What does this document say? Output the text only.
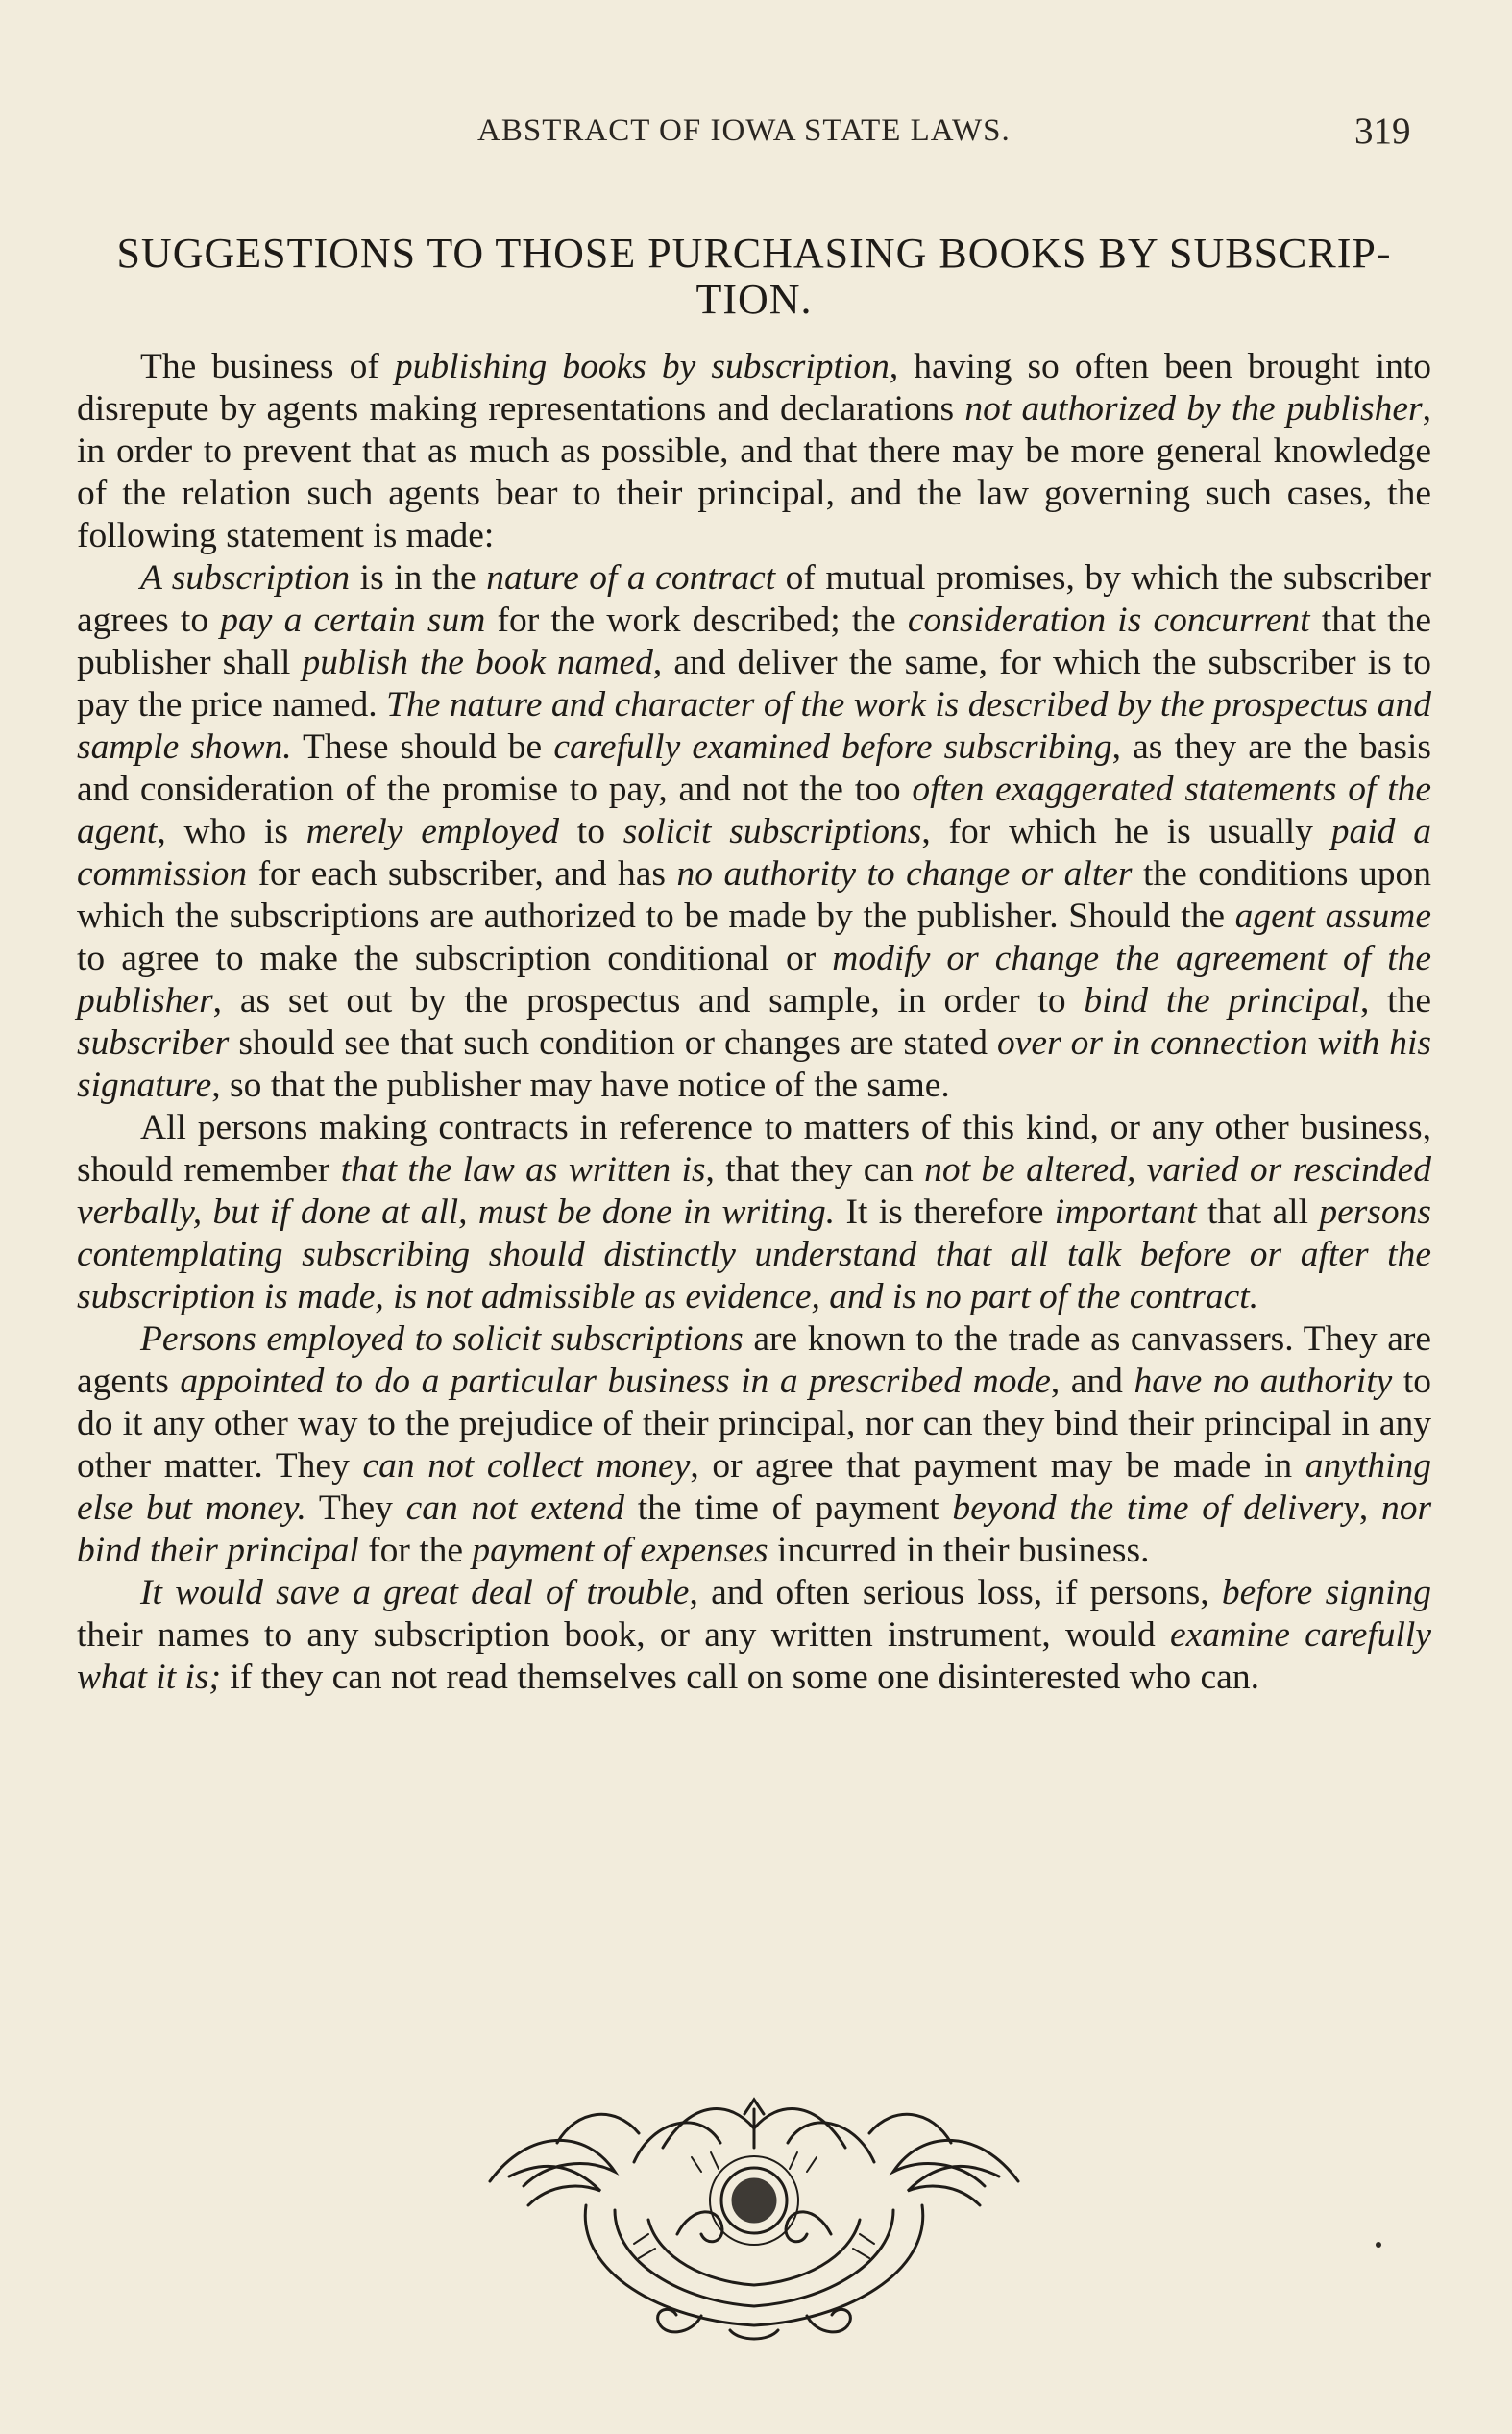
ABSTRACT OF IOWA STATE LAWS.	319
SUGGESTIONS TO THOSE PURCHASING BOOKS BY SUBSCRIP-TION.

The business of publishing books by subscription, having so often been brought into disrepute by agents making representations and declarations not authorized by the publisher, in order to prevent that as much as possible, and that there may be more general knowledge of the relation such agents bear to their principal, and the law governing such cases, the following statement is made:

A subscription is in the nature of a contract of mutual promises, by which the subscriber agrees to pay a certain sum for the work described; the consideration is concurrent that the publisher shall publish the book named, and deliver the same, for which the subscriber is to pay the price named. The nature and character of the work is described by the prospectus and sample shown. These should be carefully examined before subscribing, as they are the basis and consideration of the promise to pay, and not the too often exaggerated statements of the agent, who is merely employed to solicit subscriptions, for which he is usually paid a commission for each subscriber, and has no authority to change or alter the conditions upon which the subscriptions are authorized to be made by the publisher. Should the agent assume to agree to make the subscription conditional or modify or change the agreement of the publisher, as set out by the prospectus and sample, in order to bind the principal, the subscriber should see that such condition or changes are stated over or in connection with his signature, so that the publisher may have notice of the same.

All persons making contracts in reference to matters of this kind, or any other business, should remember that the law as written is, that they can not be altered, varied or rescinded verbally, but if done at all, must be done in writing. It is therefore important that all persons contemplating subscribing should distinctly understand that all talk before or after the subscription is made, is not admissible as evidence, and is no part of the contract.

Persons employed to solicit subscriptions are known to the trade as canvassers. They are agents appointed to do a particular business in a prescribed mode, and have no authority to do it any other way to the prejudice of their principal, nor can they bind their principal in any other matter. They can not collect money, or agree that payment may be made in anything else but money. They can not extend the time of payment beyond the time of delivery, nor bind their principal for the payment of expenses incurred in their business.

It would save a great deal of trouble, and often serious loss, if persons, before signing their names to any subscription book, or any written instrument, would examine carefully what it is; if they can not read themselves call on some one disinterested who can.
